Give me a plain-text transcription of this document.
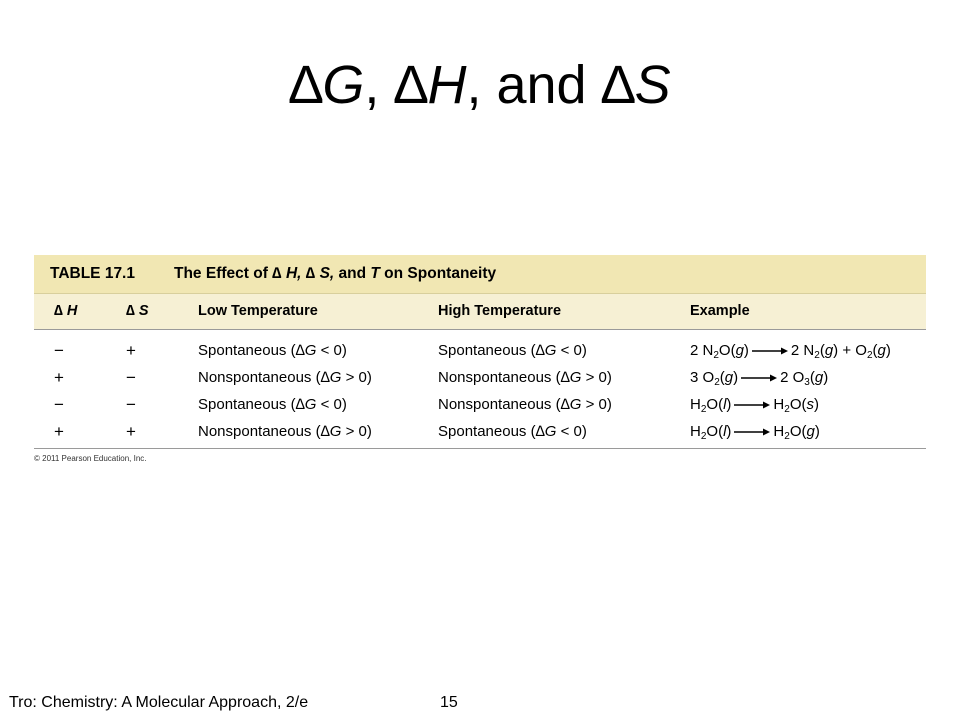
∆G, ∆H, and ∆S
TABLE 17.1	The Effect of ∆ H, ∆ S, and T on Spontaneity
∆ H	∆ S	Low Temperature	High Temperature	Example
−	+	Spontaneous (∆G < 0)	Spontaneous (∆G < 0)	2 $N_2O(g) \to 2$ $N_2(g) + O_2(g)$
+	−	Nonspontaneous (∆G > 0)	Nonspontaneous (∆G > 0)	3 $O_2(g) \to 2$ $O_3(g)$
−	−	Spontaneous (∆G < 0)	Nonspontaneous (∆G > 0)	$H_2O(l) \to H_2O(s)$
+	+	Nonspontaneous (∆G > 0)	Spontaneous (∆G < 0)	$H_2O(l) \to H_2O(g)$
© 2011 Pearson Education, Inc.
Tro: Chemistry: A Molecular Approach, 2/e	15
